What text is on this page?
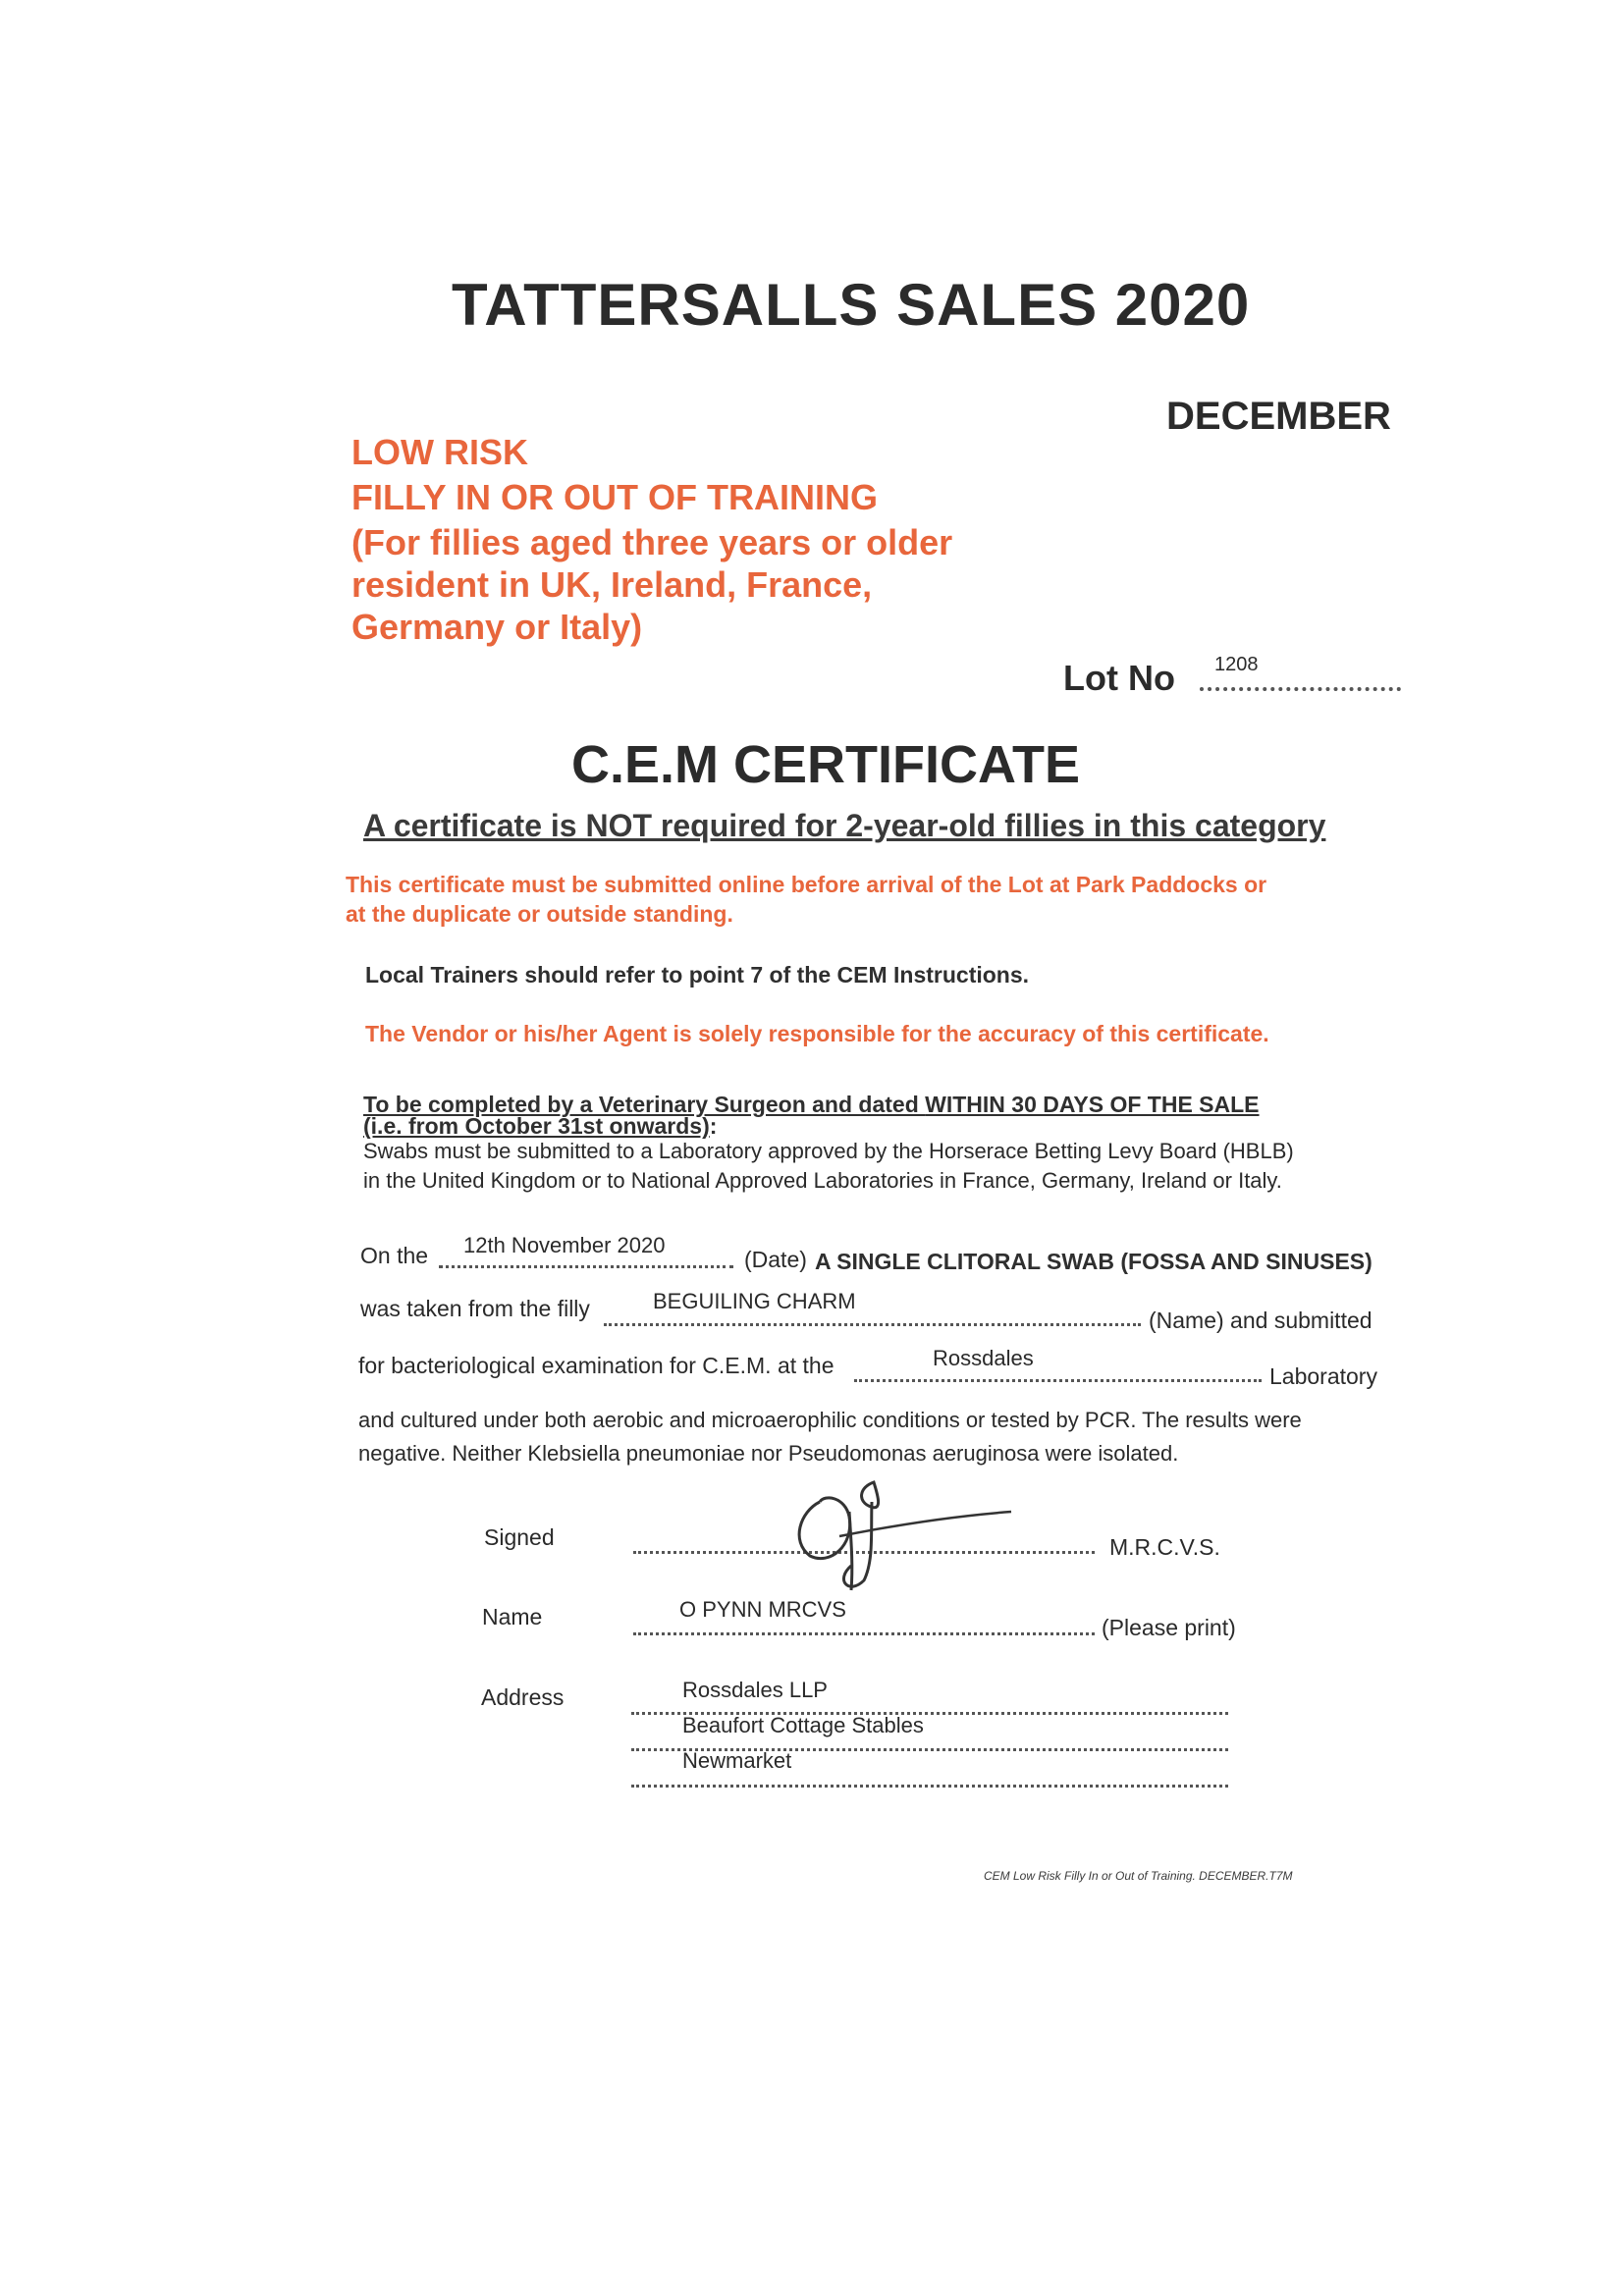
TATTERSALLS SALES 2020
DECEMBER
LOW RISK
FILLY IN OR OUT OF TRAINING
(For fillies aged three years or older
resident in UK, Ireland, France,
Germany or Italy)
Lot No 1208
C.E.M CERTIFICATE
A certificate is NOT required for 2-year-old fillies in this category
This certificate must be submitted online before arrival of the Lot at Park Paddocks or
at the duplicate or outside standing.
Local Trainers should refer to point 7 of the CEM Instructions.
The Vendor or his/her Agent is solely responsible for the accuracy of this certificate.
To be completed by a Veterinary Surgeon and dated WITHIN 30 DAYS OF THE SALE
(i.e. from October 31st onwards):
Swabs must be submitted to a Laboratory approved by the Horserace Betting Levy Board (HBLB)
in the United Kingdom or to National Approved Laboratories in France, Germany, Ireland or Italy.
On the 12th November 2020
(Date) A SINGLE CLITORAL SWAB (FOSSA AND SINUSES)
was taken from the filly	BEGUILING CHARM
(Name) and submitted
for bacteriological examination for C.E.M. at the	Rossdales
Laboratory
and cultured under both aerobic and microaerophilic conditions or tested by PCR. The results were
negative. Neither Klebsiella pneumoniae nor Pseudomonas aeruginosa were isolated.
Signed	M.R.C.V.S.
Name	O PYNN MRCVS
(Please print)
Address	Rossdales LLP
Beaufort Cottage Stables
Newmarket
CEM Low Risk Filly In or Out of Training. DECEMBER.T7M
